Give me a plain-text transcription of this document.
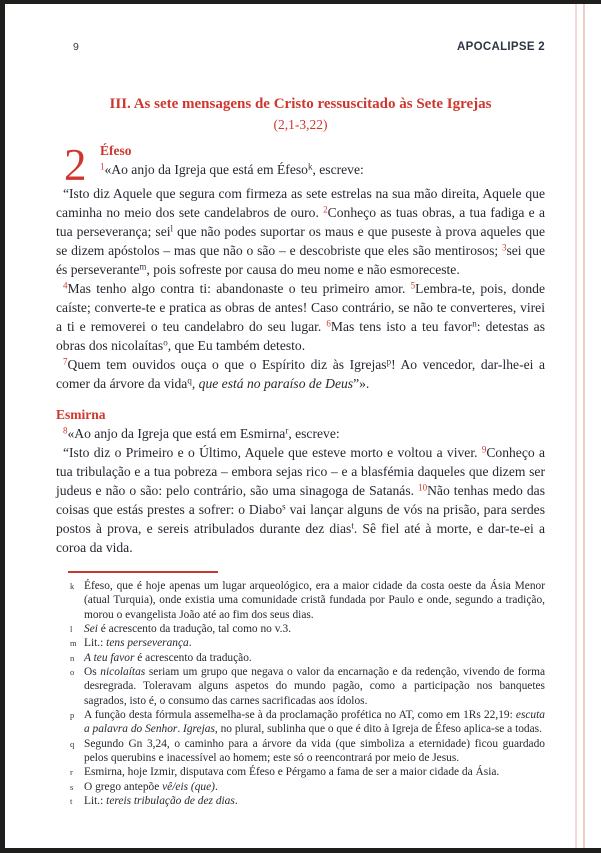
9	APOCALIPSE 2
III. As sete mensagens de Cristo ressuscitado às Sete Igrejas
(2,1-3,22)
2 Éfeso
$^1$«Ao anjo da Igreja que está em Éfeso$^k$, escreve:
“Isto diz Aquele que segura com firmeza as sete estrelas na sua mão direita, Aquele que caminha no meio dos sete candelabros de ouro. $^2$Conheço as tuas obras, a tua fadiga e a tua perseverança; sei$^l$ que não podes suportar os maus e que puseste à prova aqueles que se dizem apóstolos – mas que não o são – e descobriste que eles são mentirosos; $^3$sei que és perseverante$^m$, pois sofreste por causa do meu nome e não esmoreceste.
$^4$Mas tenho algo contra ti: abandonaste o teu primeiro amor. $^5$Lembra-te, pois, donde caíste; converte-te e pratica as obras de antes! Caso contrário, se não te converteres, virei a ti e removerei o teu candelabro do seu lugar. $^6$Mas tens isto a teu favor$^n$: detestas as obras dos nicolaítas$^o$, que Eu também detesto.
$^7$Quem tem ouvidos ouça o que o Espírito diz às Igrejas$^p$! Ao vencedor, dar-lhe-ei a comer da árvore da vida$^q$, que está no paraíso de Deus”».
Esmirna
$^8$«Ao anjo da Igreja que está em Esmirna$^r$, escreve:
“Isto diz o Primeiro e o Último, Aquele que esteve morto e voltou a viver. $^9$Conheço a tua tribulação e a tua pobreza – embora sejas rico – e a blasfémia daqueles que dizem ser judeus e não o são: pelo contrário, são uma sinagoga de Satanás. $^{10}$Não tenhas medo das coisas que estás prestes a sofrer: o Diabo$^s$ vai lançar alguns de vós na prisão, para serdes postos à prova, e sereis atribulados durante dez dias$^t$. Sê fiel até à morte, e dar-te-ei a coroa da vida.
k Éfeso, que é hoje apenas um lugar arqueológico, era a maior cidade da costa oeste da Ásia Menor (atual Turquia), onde existia uma comunidade cristã fundada por Paulo e onde, segundo a tradição, morou o evangelista João até ao fim dos seus dias.
l Sei é acrescento da tradução, tal como no v.3.
m Lit.: tens perseverança.
n A teu favor é acrescento da tradução.
o Os nicolaítas seriam um grupo que negava o valor da encarnação e da redenção, vivendo de forma desregrada. Toleravam alguns aspetos do mundo pagão, como a participação nos banquetes sagrados, isto é, o consumo das carnes sacrificadas aos ídolos.
p A função desta fórmula assemelha-se à da proclamação profética no AT, como em 1Rs 22,19: escuta a palavra do Senhor. Igrejas, no plural, sublinha que o que é dito à Igreja de Éfeso aplica-se a todas.
q Segundo Gn 3,24, o caminho para a árvore da vida (que simboliza a eternidade) ficou guardado pelos querubins e inacessível ao homem; este só o reencontrará por meio de Jesus.
r Esmirna, hoje Izmir, disputava com Éfeso e Pérgamo a fama de ser a maior cidade da Ásia.
s O grego antepõe vê/eis (que).
t Lit.: tereis tribulação de dez dias.
